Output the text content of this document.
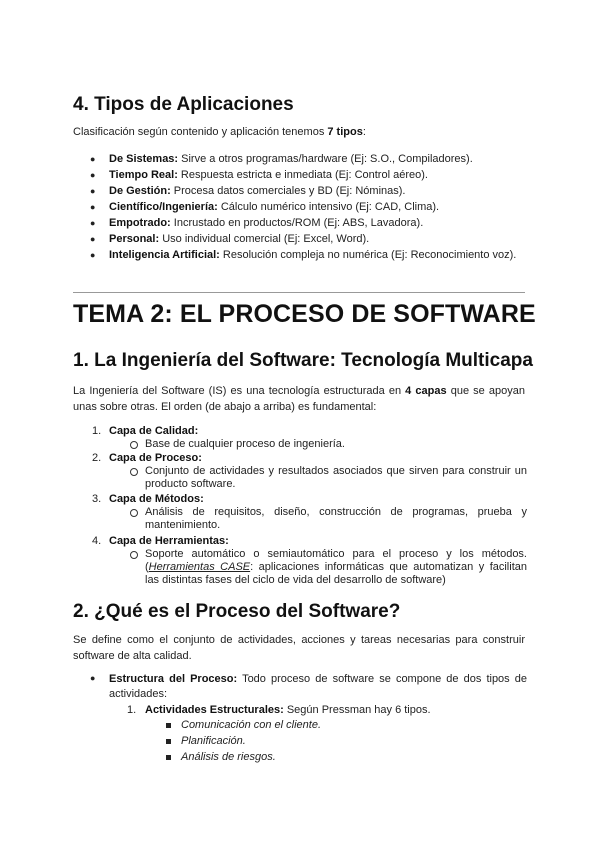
4. Tipos de Aplicaciones
Clasificación según contenido y aplicación tenemos 7 tipos:
● De Sistemas: Sirve a otros programas/hardware (Ej: S.O., Compiladores).
● Tiempo Real: Respuesta estricta e inmediata (Ej: Control aéreo).
● De Gestión: Procesa datos comerciales y BD (Ej: Nóminas).
● Científico/Ingeniería: Cálculo numérico intensivo (Ej: CAD, Clima).
● Empotrado: Incrustado en productos/ROM (Ej: ABS, Lavadora).
● Personal: Uso individual comercial (Ej: Excel, Word).
● Inteligencia Artificial: Resolución compleja no numérica (Ej: Reconocimiento voz).
TEMA 2: EL PROCESO DE SOFTWARE
1. La Ingeniería del Software: Tecnología Multicapa
La Ingeniería del Software (IS) es una tecnología estructurada en 4 capas que se apoyan unas sobre otras. El orden (de abajo a arriba) es fundamental:
1. Capa de Calidad:
Base de cualquier proceso de ingeniería.
2. Capa de Proceso:
Conjunto de actividades y resultados asociados que sirven para construir un producto software.
3. Capa de Métodos:
Análisis de requisitos, diseño, construcción de programas, prueba y mantenimiento.
4. Capa de Herramientas:
Soporte automático o semiautomático para el proceso y los métodos. (Herramientas CASE: aplicaciones informáticas que automatizan y facilitan las distintas fases del ciclo de vida del desarrollo de software)
2. ¿Qué es el Proceso del Software?
Se define como el conjunto de actividades, acciones y tareas necesarias para construir software de alta calidad.
● Estructura del Proceso: Todo proceso de software se compone de dos tipos de actividades:
1. Actividades Estructurales: Según Pressman hay 6 tipos.
Comunicación con el cliente.
Planificación.
Análisis de riesgos.
